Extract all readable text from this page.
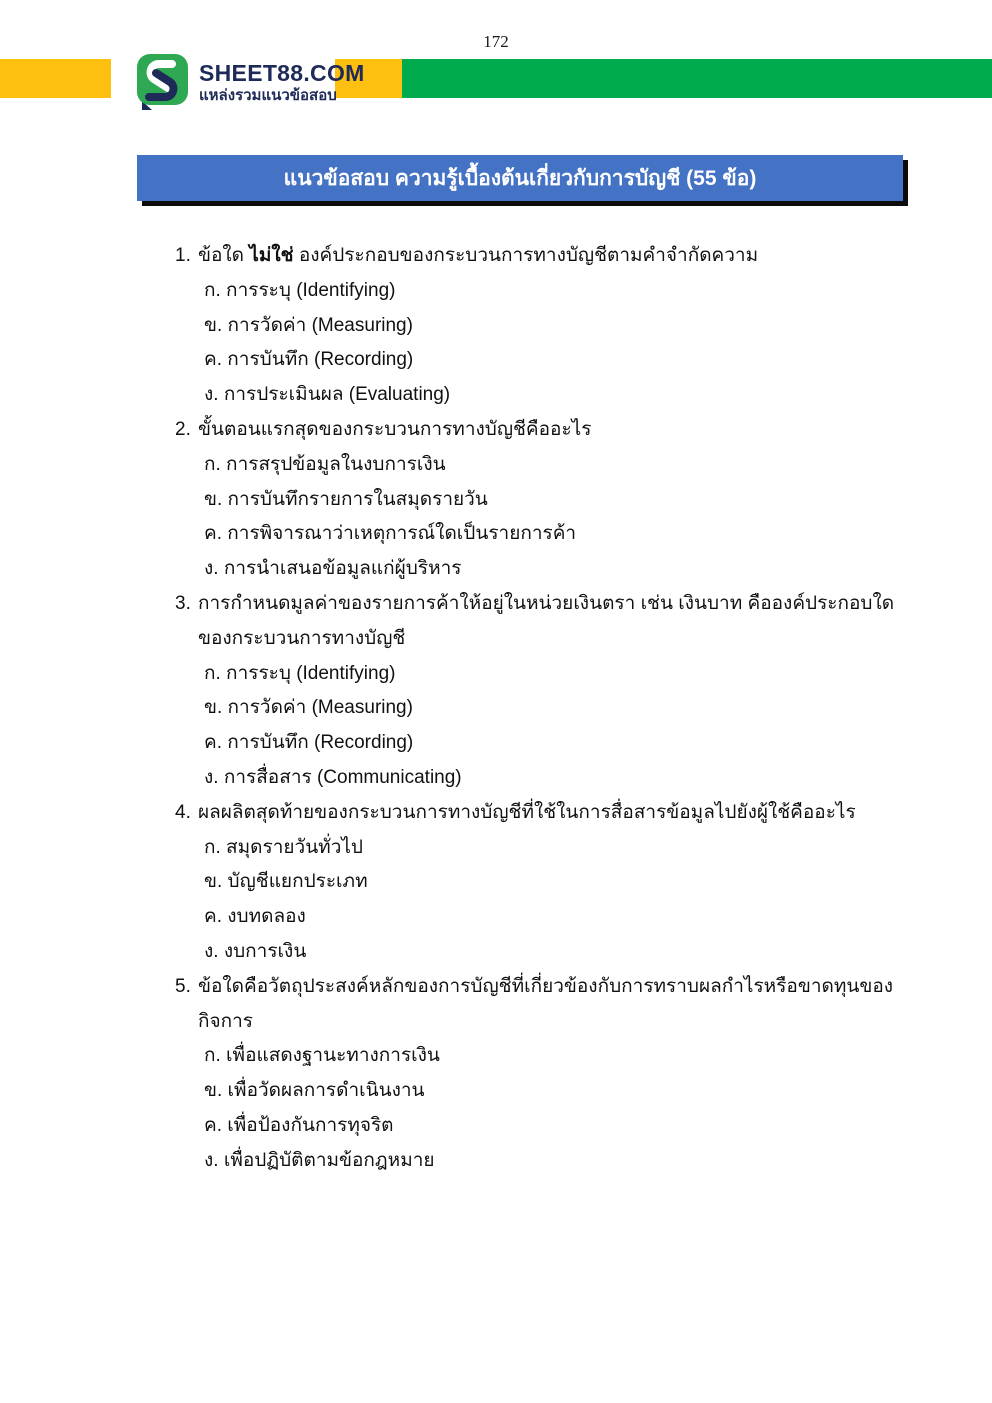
172
SHEET88.COM
แหล่งรวมแนวข้อสอบ
แนวข้อสอบ ความรู้เบื้องต้นเกี่ยวกับการบัญชี (55 ข้อ)
1. ข้อใด ไม่ใช่ องค์ประกอบของกระบวนการทางบัญชีตามคำจำกัดความ
ก. การระบุ (Identifying)
ข. การวัดค่า (Measuring)
ค. การบันทึก (Recording)
ง. การประเมินผล (Evaluating)
2. ขั้นตอนแรกสุดของกระบวนการทางบัญชีคืออะไร
ก. การสรุปข้อมูลในงบการเงิน
ข. การบันทึกรายการในสมุดรายวัน
ค. การพิจารณาว่าเหตุการณ์ใดเป็นรายการค้า
ง. การนำเสนอข้อมูลแก่ผู้บริหาร
3. การกำหนดมูลค่าของรายการค้าให้อยู่ในหน่วยเงินตรา เช่น เงินบาท คือองค์ประกอบใดของกระบวนการทางบัญชี
ก. การระบุ (Identifying)
ข. การวัดค่า (Measuring)
ค. การบันทึก (Recording)
ง. การสื่อสาร (Communicating)
4. ผลผลิตสุดท้ายของกระบวนการทางบัญชีที่ใช้ในการสื่อสารข้อมูลไปยังผู้ใช้คืออะไร
ก. สมุดรายวันทั่วไป
ข. บัญชีแยกประเภท
ค. งบทดลอง
ง. งบการเงิน
5. ข้อใดคือวัตถุประสงค์หลักของการบัญชีที่เกี่ยวข้องกับการทราบผลกำไรหรือขาดทุนของกิจการ
ก. เพื่อแสดงฐานะทางการเงิน
ข. เพื่อวัดผลการดำเนินงาน
ค. เพื่อป้องกันการทุจริต
ง. เพื่อปฏิบัติตามข้อกฎหมาย
